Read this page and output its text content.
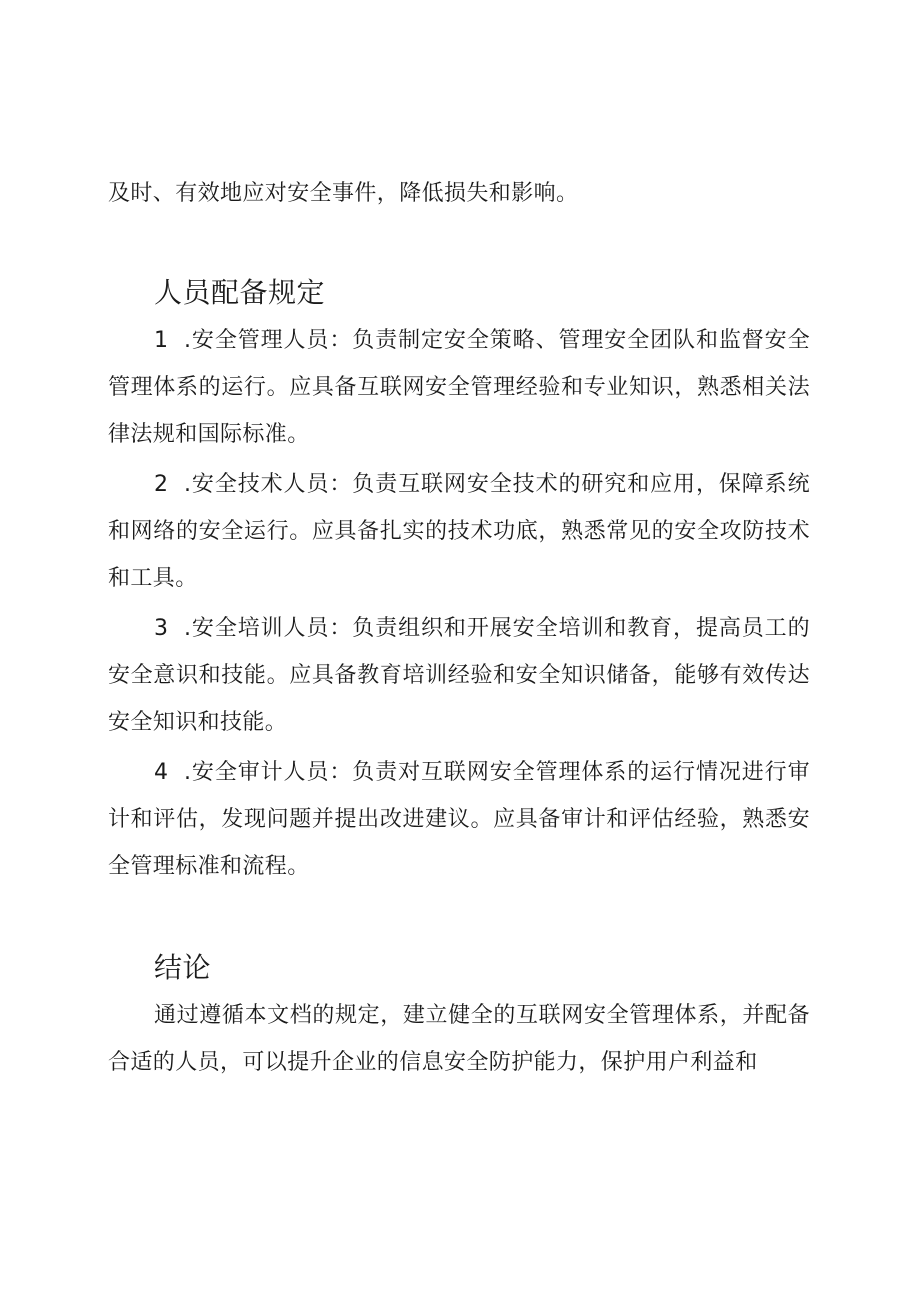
及时、有效地应对安全事件，降低损失和影响。

人员配备规定

1 .安全管理人员：负责制定安全策略、管理安全团队和监督安全管理体系的运行。应具备互联网安全管理经验和专业知识，熟悉相关法律法规和国际标准。

2 .安全技术人员：负责互联网安全技术的研究和应用，保障系统和网络的安全运行。应具备扎实的技术功底，熟悉常见的安全攻防技术和工具。

3 .安全培训人员：负责组织和开展安全培训和教育，提高员工的安全意识和技能。应具备教育培训经验和安全知识储备，能够有效传达安全知识和技能。

4 .安全审计人员：负责对互联网安全管理体系的运行情况进行审计和评估，发现问题并提出改进建议。应具备审计和评估经验，熟悉安全管理标准和流程。

结论

通过遵循本文档的规定，建立健全的互联网安全管理体系，并配备合适的人员，可以提升企业的信息安全防护能力，保护用户利益和
